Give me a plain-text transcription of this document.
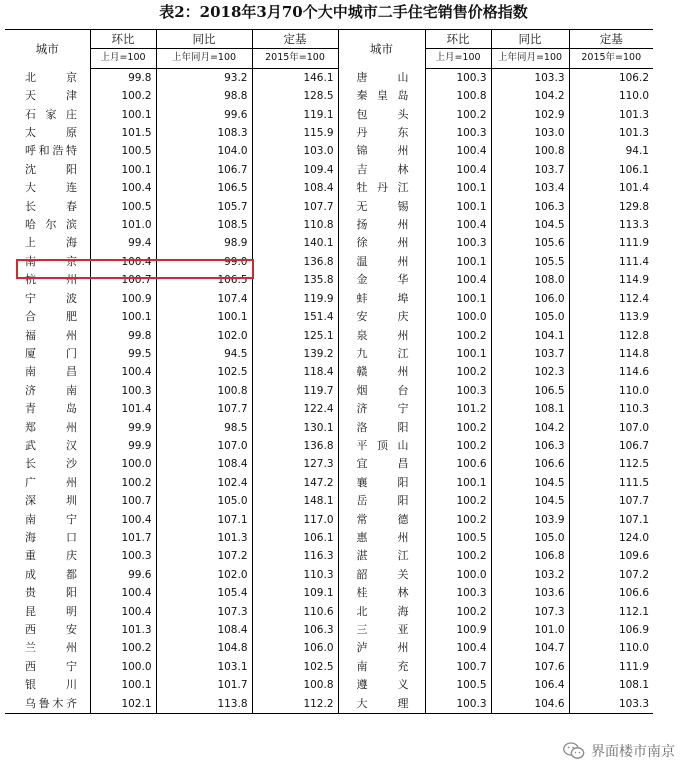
表2：2018年3月70个大中城市二手住宅销售价格指数
城市	环比	同比	定基	城市	环比	同比	定基
	上月=100	上年同月=100	2015年=100		上月=100	上年同月=100	2015年=100
北京	99.8	93.2	146.1	唐山	100.3	103.3	106.2
天津	100.2	98.8	128.5	秦皇岛	100.8	104.2	110.0
石家庄	100.1	99.6	119.1	包头	100.2	102.9	101.3
太原	101.5	108.3	115.9	丹东	100.3	103.0	101.3
呼和浩特	100.5	104.0	103.0	锦州	100.4	100.8	94.1
沈阳	100.1	106.7	109.4	吉林	100.4	103.7	106.1
大连	100.4	106.5	108.4	牡丹江	100.1	103.4	101.4
长春	100.5	105.7	107.7	无锡	100.1	106.3	129.8
哈尔滨	101.0	108.5	110.8	扬州	100.4	104.5	113.3
上海	99.4	98.9	140.1	徐州	100.3	105.6	111.9
南京	100.4	99.0	136.8	温州	100.1	105.5	111.4
杭州	100.7	106.5	135.8	金华	100.4	108.0	114.9
宁波	100.9	107.4	119.9	蚌埠	100.1	106.0	112.4
合肥	100.1	100.1	151.4	安庆	100.0	105.0	113.9
福州	99.8	102.0	125.1	泉州	100.2	104.1	112.8
厦门	99.5	94.5	139.2	九江	100.1	103.7	114.8
南昌	100.4	102.5	118.4	赣州	100.2	102.3	114.6
济南	100.3	100.8	119.7	烟台	100.3	106.5	110.0
青岛	101.4	107.7	122.4	济宁	101.2	108.1	110.3
郑州	99.9	98.5	130.1	洛阳	100.2	104.2	107.0
武汉	99.9	107.0	136.8	平顶山	100.2	106.3	106.7
长沙	100.0	108.4	127.3	宜昌	100.6	106.6	112.5
广州	100.2	102.4	147.2	襄阳	100.1	104.5	111.5
深圳	100.7	105.0	148.1	岳阳	100.2	104.5	107.7
南宁	100.4	107.1	117.0	常德	100.2	103.9	107.1
海口	101.7	101.3	106.1	惠州	100.5	105.0	124.0
重庆	100.3	107.2	116.3	湛江	100.2	106.8	109.6
成都	99.6	102.0	110.3	韶关	100.0	103.2	107.2
贵阳	100.4	105.4	109.1	桂林	100.3	103.6	106.6
昆明	100.4	107.3	110.6	北海	100.2	107.3	112.1
西安	101.3	108.4	106.3	三亚	100.9	101.0	106.9
兰州	100.2	104.8	106.0	泸州	100.4	104.7	110.0
西宁	100.0	103.1	102.5	南充	100.7	107.6	111.9
银川	100.1	101.7	100.8	遵义	100.5	106.4	108.1
乌鲁木齐	102.1	113.8	112.2	大理	100.3	104.6	103.3
界面楼市南京
